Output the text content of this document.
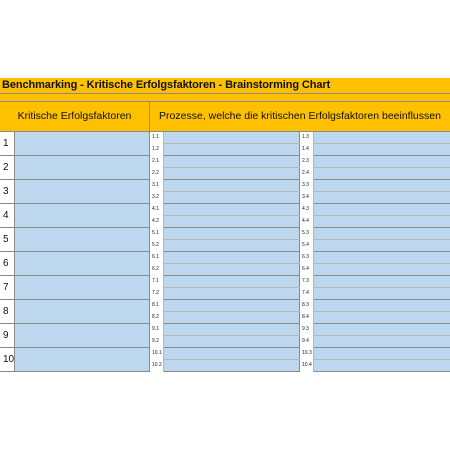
Benchmarking - Kritische Erfolgsfaktoren - Brainstorming Chart
Kritische Erfolgsfaktoren	Prozesse, welche die kritischen Erfolgsfaktoren beeinflussen
1
1.1
1.2
1.3
1.4
2
2.1
2.2
2.3
2.4
3
3.1
3.2
3.3
3.4
4
4.1
4.2
4.3
4.4
5
5.1
5.2
5.3
5.4
6
6.1
6.2
6.3
6.4
7
7.1
7.2
7.3
7.4
8
8.1
8.2
8.3
8.4
9
9.1
9.2
9.3
9.4
10
10.1
10.2
10.3
10.4
